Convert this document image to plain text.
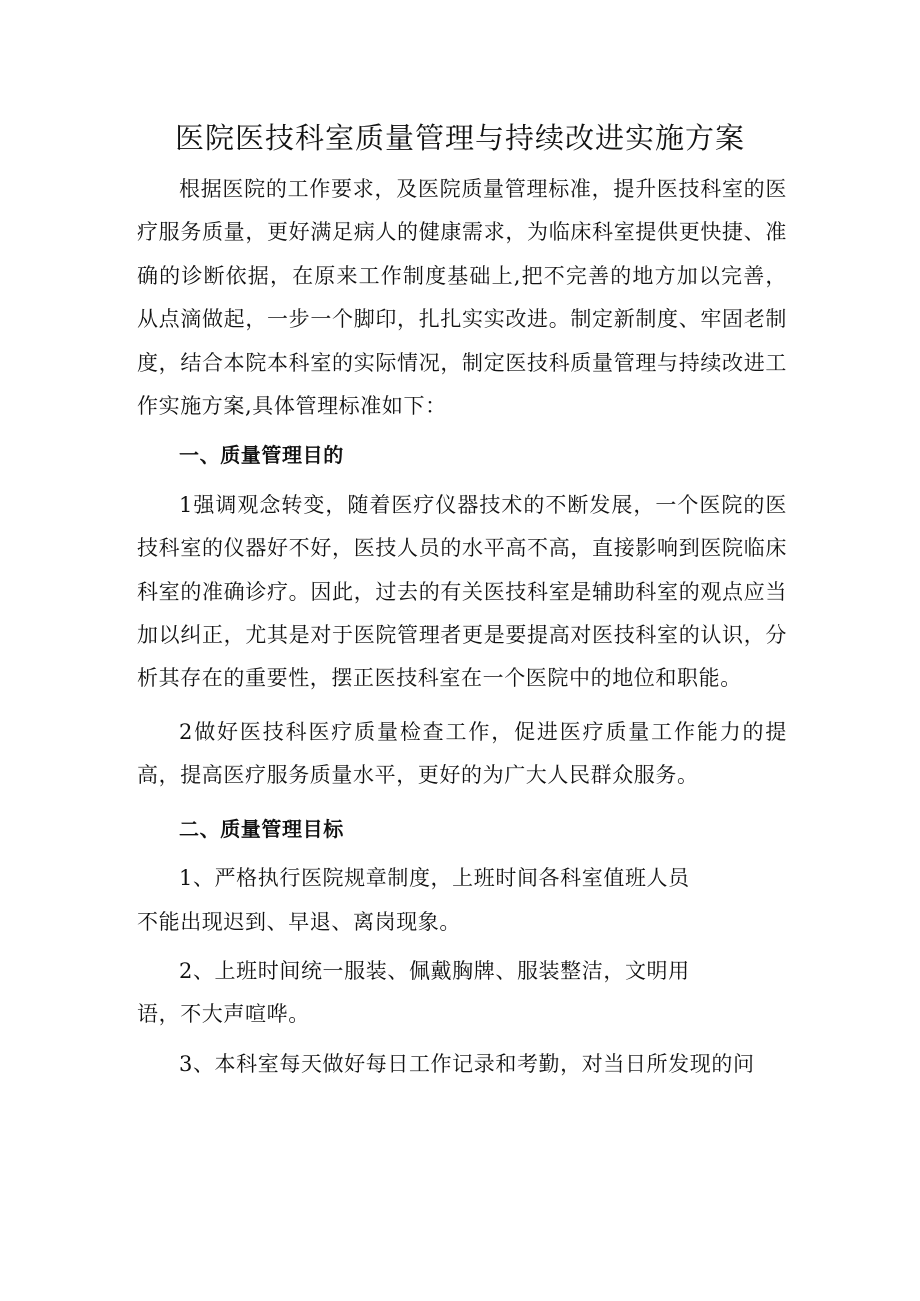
医院医技科室质量管理与持续改进实施方案

根据医院的工作要求，及医院质量管理标准，提升医技科室的医疗服务质量，更好满足病人的健康需求，为临床科室提供更快捷、准确的诊断依据，在原来工作制度基础上,把不完善的地方加以完善，从点滴做起，一步一个脚印，扎扎实实改进。制定新制度、牢固老制度，结合本院本科室的实际情况，制定医技科质量管理与持续改进工作实施方案,具体管理标准如下：

一、质量管理目的

1强调观念转变，随着医疗仪器技术的不断发展，一个医院的医技科室的仪器好不好，医技人员的水平高不高，直接影响到医院临床科室的准确诊疗。因此，过去的有关医技科室是辅助科室的观点应当加以纠正，尤其是对于医院管理者更是要提高对医技科室的认识，分析其存在的重要性，摆正医技科室在一个医院中的地位和职能。

2做好医技科医疗质量检查工作，促进医疗质量工作能力的提高，提高医疗服务质量水平，更好的为广大人民群众服务。

二、质量管理目标

1、严格执行医院规章制度，上班时间各科室值班人员

不能出现迟到、早退、离岗现象。

2、上班时间统一服装、佩戴胸牌、服装整洁，文明用

语，不大声喧哗。

3、本科室每天做好每日工作记录和考勤，对当日所发现的问
